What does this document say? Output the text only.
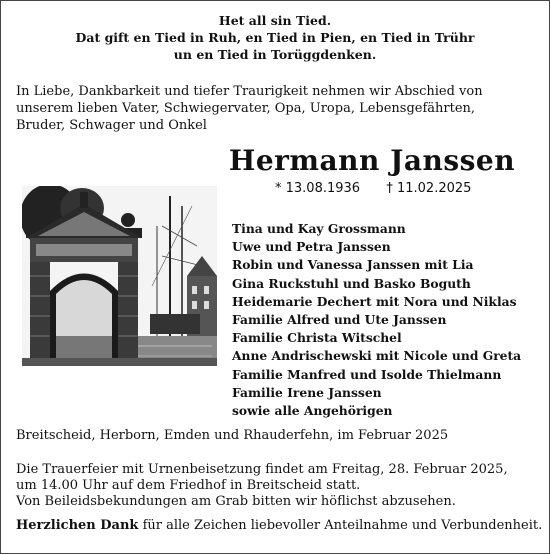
Het all sin Tied.
Dat gift en Tied in Ruh, en Tied in Pien, en Tied in Trühr
un en Tied in Torüggdenken.
In Liebe, Dankbarkeit und tiefer Traurigkeit nehmen wir Abschied von
unserem lieben Vater, Schwiegervater, Opa, Uropa, Lebensgefährten,
Bruder, Schwager und Onkel
Hermann Janssen
* 13.08.1936 † 11.02.2025
Tina und Kay Grossmann
Uwe und Petra Janssen
Robin und Vanessa Janssen mit Lia
Gina Ruckstuhl und Basko Boguth
Heidemarie Dechert mit Nora und Niklas
Familie Alfred und Ute Janssen
Familie Christa Witschel
Anne Andrischewski mit Nicole und Greta
Familie Manfred und Isolde Thielmann
Familie Irene Janssen
sowie alle Angehörigen
Breitscheid, Herborn, Emden und Rhauderfehn, im Februar 2025
Die Trauerfeier mit Urnenbeisetzung findet am Freitag, 28. Februar 2025,
um 14.00 Uhr auf dem Friedhof in Breitscheid statt.
Von Beileidsbekundungen am Grab bitten wir höflichst abzusehen.
Herzlichen Dank für alle Zeichen liebevoller Anteilnahme und Verbundenheit.
